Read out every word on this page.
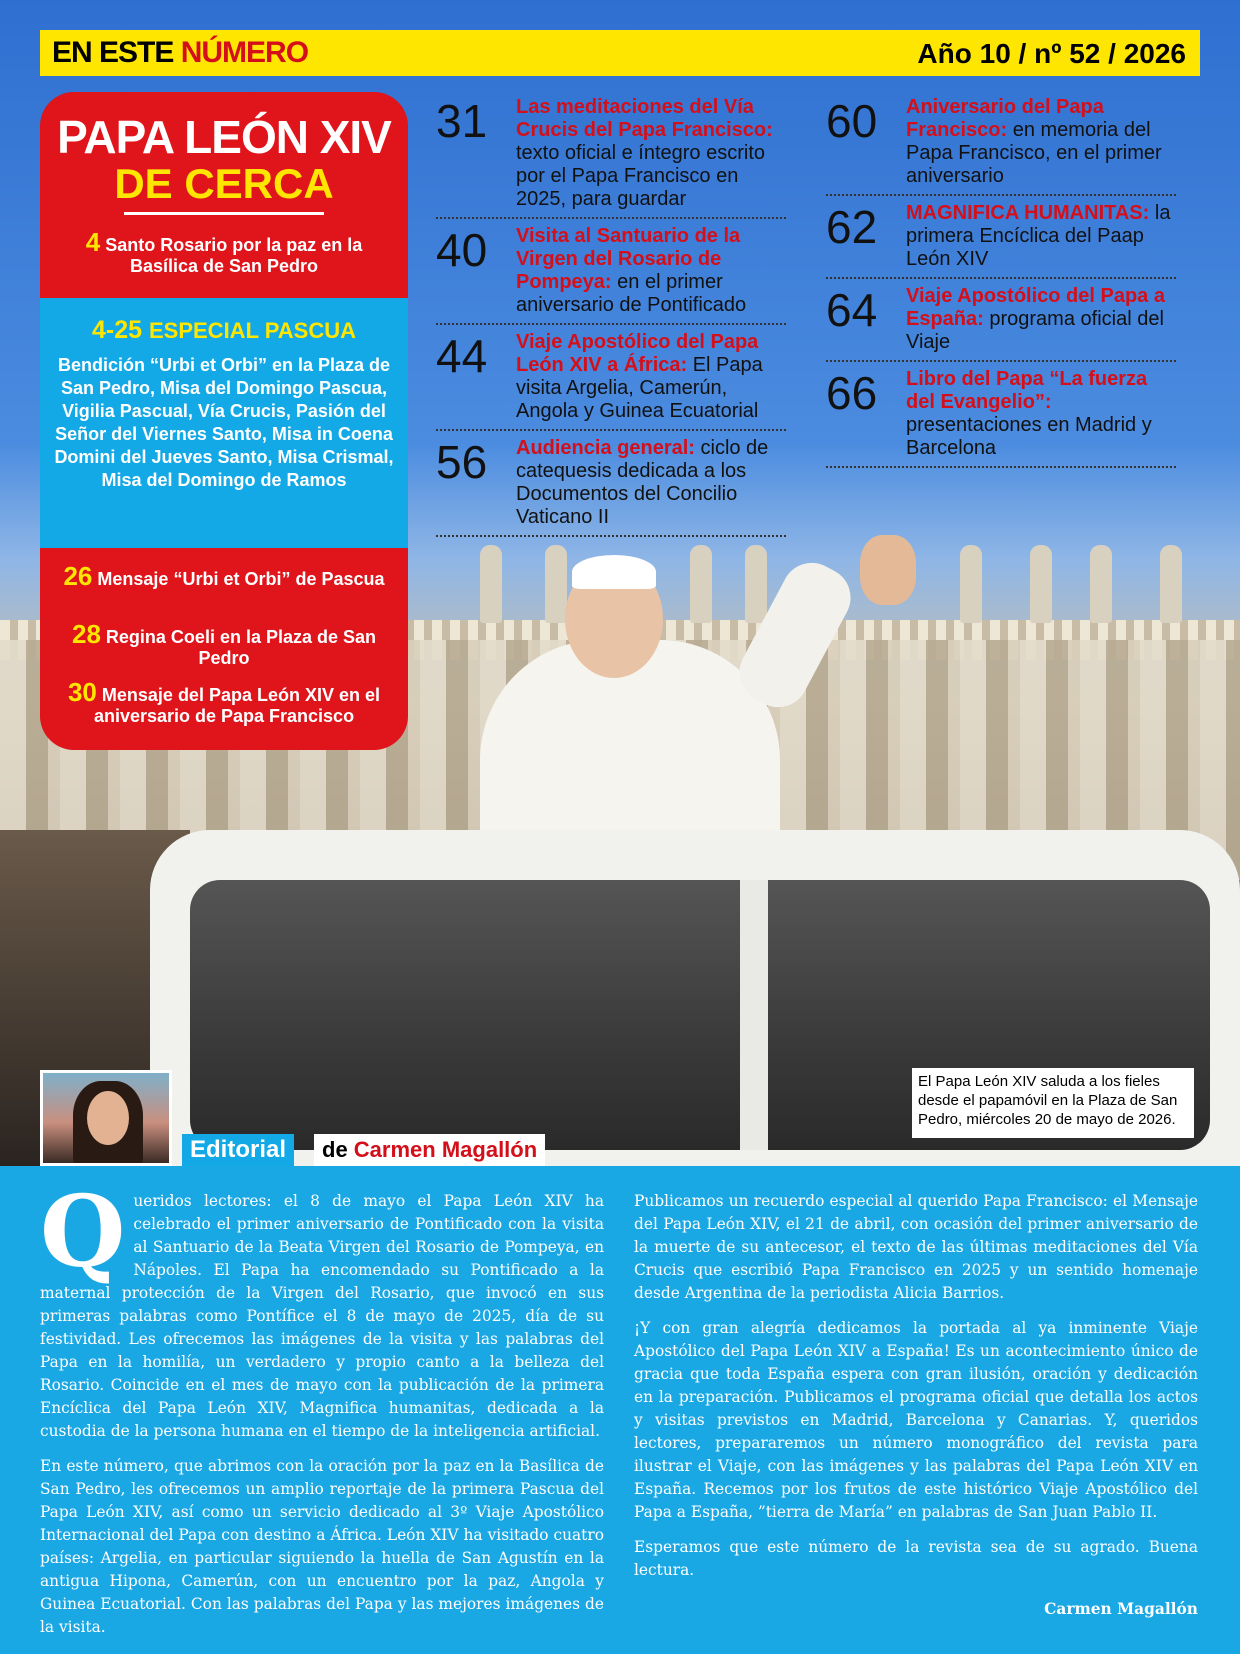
EN ESTE NÚMERO	Año 10 / nº 52 / 2026
PAPA LEÓN XIV
DE CERCA
4 Santo Rosario por la paz en la Basílica de San Pedro
4-25 ESPECIAL PASCUA
Bendición “Urbi et Orbi” en la Plaza de San Pedro, Misa del Domingo Pascua, Vigilia Pascual, Vía Crucis, Pasión del Señor del Viernes Santo, Misa in Coena Domini del Jueves Santo, Misa Crismal, Misa del Domingo de Ramos
26 Mensaje “Urbi et Orbi” de Pascua
28 Regina Coeli en la Plaza de San Pedro
30 Mensaje del Papa León XIV en el aniversario de Papa Francisco
31	Las meditaciones del Vía Crucis del Papa Francisco: texto oficial e íntegro escrito por el Papa Francisco en 2025, para guardar
40	Visita al Santuario de la Virgen del Rosario de Pompeya: en el primer aniversario de Pontificado
44	Viaje Apostólico del Papa León XIV a África: El Papa visita Argelia, Camerún, Angola y Guinea Ecuatorial
56	Audiencia general: ciclo de catequesis dedicada a los Documentos del Concilio Vaticano II
60	Aniversario del Papa Francisco: en memoria del Papa Francisco, en el primer aniversario
62	MAGNIFICA HUMANITAS: la primera Encíclica del Paap León XIV
64	Viaje Apostólico del Papa a España: programa oficial del Viaje
66	Libro del Papa “La fuerza del Evangelio”: presentaciones en Madrid y Barcelona
El Papa León XIV saluda a los fieles desde el papamóvil en la Plaza de San Pedro, miércoles 20 de mayo de 2026.
Editorial	de Carmen Magallón

Queridos lectores: el 8 de mayo el Papa León XIV ha celebrado el primer aniversario de Pontificado con la visita al Santuario de la Beata Virgen del Rosario de Pompeya, en Nápoles. El Papa ha encomendado su Pontificado a la maternal protección de la Virgen del Rosario, que invocó en sus primeras palabras como Pontífice el 8 de mayo de 2025, día de su festividad. Les ofrecemos las imágenes de la visita y las palabras del Papa en la homilía, un verdadero y propio canto a la belleza del Rosario. Coincide en el mes de mayo con la publicación de la primera Encíclica del Papa León XIV, Magnifica humanitas, dedicada a la custodia de la persona humana en el tiempo de la inteligencia artificial.

En este número, que abrimos con la oración por la paz en la Basílica de San Pedro, les ofrecemos un amplio reportaje de la primera Pascua del Papa León XIV, así como un servicio dedicado al 3º Viaje Apostólico Internacional del Papa con destino a África. León XIV ha visitado cuatro países: Argelia, en particular siguiendo la huella de San Agustín en la antigua Hipona, Camerún, con un encuentro por la paz, Angola y Guinea Ecuatorial. Con las palabras del Papa y las mejores imágenes de la visita.

Publicamos un recuerdo especial al querido Papa Francisco: el Mensaje del Papa León XIV, el 21 de abril, con ocasión del primer aniversario de la muerte de su antecesor, el texto de las últimas meditaciones del Vía Crucis que escribió Papa Francisco en 2025 y un sentido homenaje desde Argentina de la periodista Alicia Barrios.

¡Y con gran alegría dedicamos la portada al ya inminente Viaje Apostólico del Papa León XIV a España! Es un acontecimiento único de gracia que toda España espera con gran ilusión, oración y dedicación en la preparación. Publicamos el programa oficial que detalla los actos y visitas previstos en Madrid, Barcelona y Canarias. Y, queridos lectores, prepararemos un número monográfico del revista para ilustrar el Viaje, con las imágenes y las palabras del Papa León XIV en España. Recemos por los frutos de este histórico Viaje Apostólico del Papa a España, ”tierra de María” en palabras de San Juan Pablo II.

Esperamos que este número de la revista sea de su agrado. Buena lectura.

Carmen Magallón
